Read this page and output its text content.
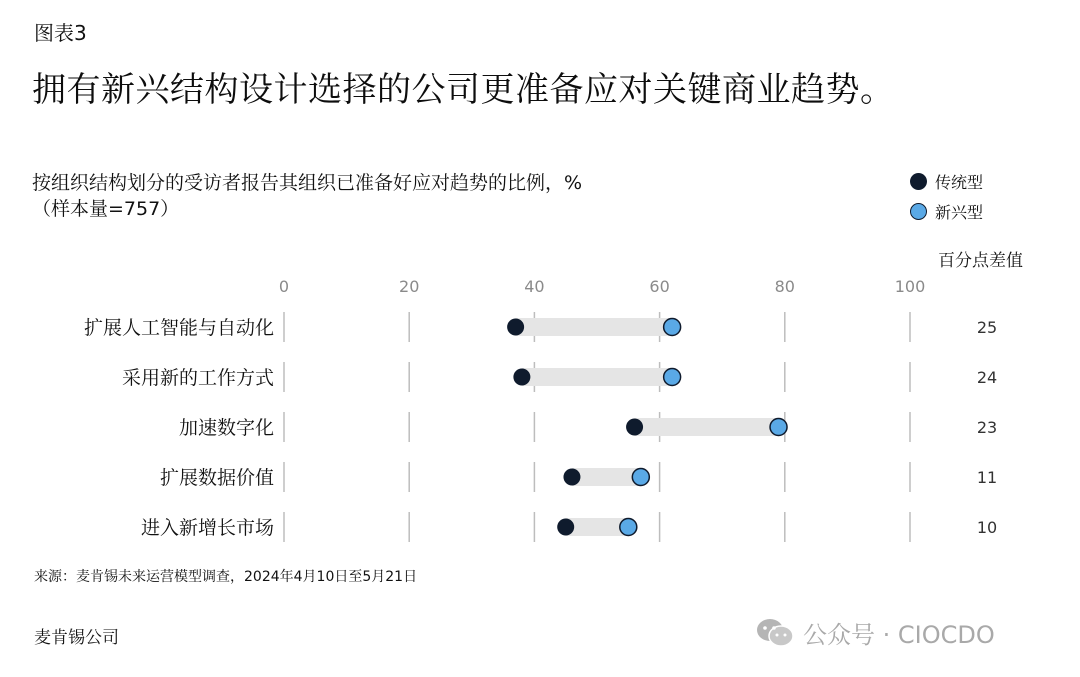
图表3
拥有新兴结构设计选择的公司更准备应对关键商业趋势。
按组织结构划分的受访者报告其组织已准备好应对趋势的比例，%
（样本量=757）
传统型
新兴型
百分点差值
0	20	40	60	80	100
扩展人工智能与自动化	25
采用新的工作方式	24
加速数字化	23
扩展数据价值	11
进入新增长市场	10
来源：麦肯锡未来运营模型调查，2024年4月10日至5月21日
麦肯锡公司	公众号 · CIOCDO
